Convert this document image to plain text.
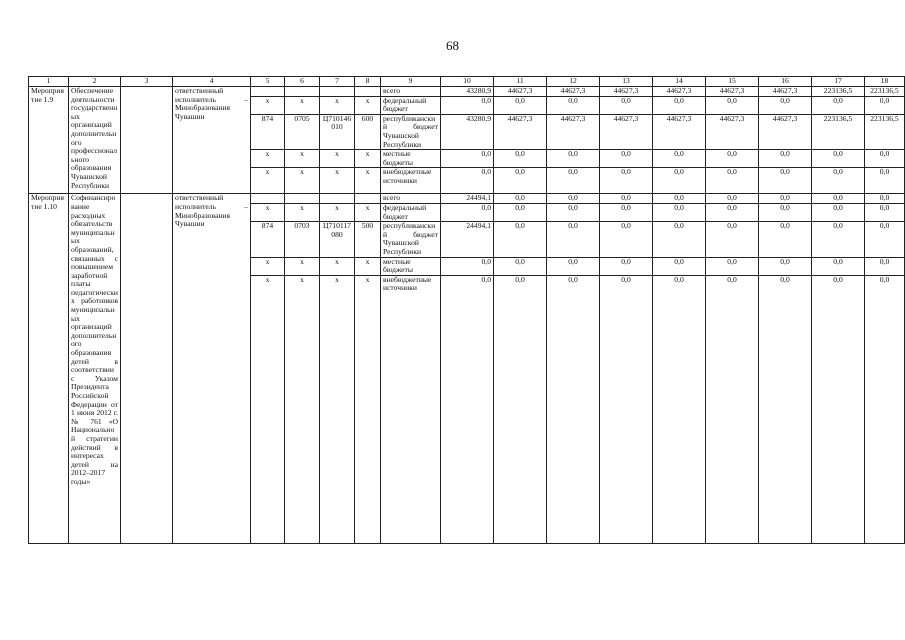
68
1	2	3	4	5	6	7	8	9	10	11	12	13	14	15	16	17	18
Мероприятие 1.9	Обеспечение деятельности государственных организаций дополнительного профессионального образования Чувашской Республики		ответственный исполнитель – Минобразования Чувашии					всего	43280,9	44627,3	44627,3	44627,3	44627,3	44627,3	44627,3	223136,5	223136,5
				x	x	x	x	федеральный бюджет	0,0	0,0	0,0	0,0	0,0	0,0	0,0	0,0	0,0
				874	0705	Ц710146010	600	республиканский бюджет Чувашской Республики	43280,9	44627,3	44627,3	44627,3	44627,3	44627,3	44627,3	223136,5	223136,5
				x	x	x	x	местные бюджеты	0,0	0,0	0,0	0,0	0,0	0,0	0,0	0,0	0,0
				x	x	x	x	внебюджетные источники	0,0	0,0	0,0	0,0	0,0	0,0	0,0	0,0	0,0
Мероприятие 1.10	Софинансирование расходных обязательств муниципальных образований, связанных с повышением заработной платы педагогических работников муниципальных организаций дополнительного образования детей в соответствии с Указом Президента Российской Федерации от 1 июня 2012 г. № 761 «О Национальной стратегии действий в интересах детей на 2012–2017 годы»		ответственный исполнитель – Минобразования Чувашии					всего	24494,1	0,0	0,0	0,0	0,0	0,0	0,0	0,0	0,0
				x	x	x	x	федеральный бюджет	0,0	0,0	0,0	0,0	0,0	0,0	0,0	0,0	0,0
				874	0703	Ц710117080	500	республиканский бюджет Чувашской Республики	24494,1	0,0	0,0	0,0	0,0	0,0	0,0	0,0	0,0
				x	x	x	x	местные бюджеты	0,0	0,0	0,0	0,0	0,0	0,0	0,0	0,0	0,0
				x	x	x	x	внебюджетные источники	0,0	0,0	0,0	0,0	0,0	0,0	0,0	0,0	0,0
